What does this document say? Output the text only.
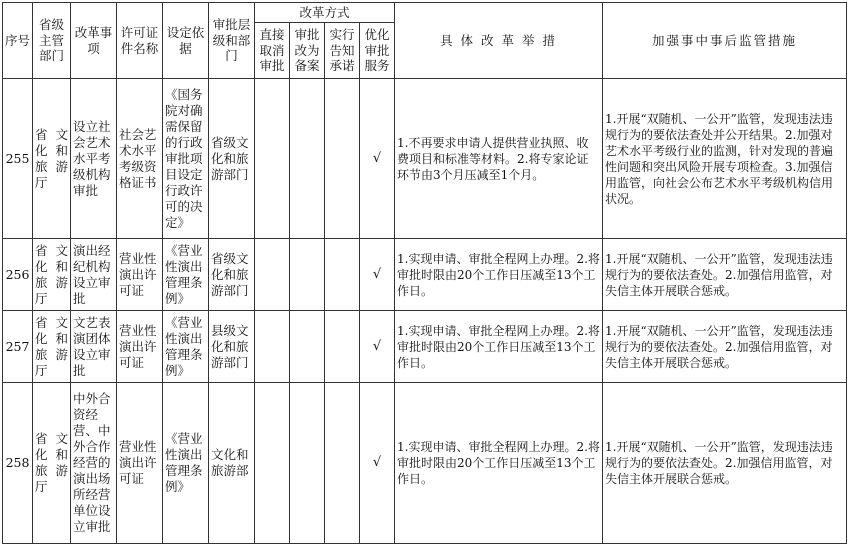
序号	省级主管部门	改革事项	许可证件名称	设定依据	审批层级和部门	改革方式				具 体 改 革 举 措	加强事中事后监管措施
						直接取消审批	审批改为备案	实行告知承诺	优化审批服务		
255	省文化和旅游厅	设立社会艺术水平考级机构审批	社会艺术水平考级资格证书	《国务院对确需保留的行政审批项目设定行政许可的决定》	省级文化和旅游部门				√	1.不再要求申请人提供营业执照、收费项目和标准等材料。2.将专家论证环节由3个月压减至1个月。	1.开展“双随机、一公开”监管，发现违法违规行为的要依法查处并公开结果。2.加强对艺术水平考级行业的监测，针对发现的普遍性问题和突出风险开展专项检查。3.加强信用监管，向社会公布艺术水平考级机构信用状况。
256	省文化和旅游厅	演出经纪机构设立审批	营业性演出许可证	《营业性演出管理条例》	省级文化和旅游部门				√	1.实现申请、审批全程网上办理。2.将审批时限由20个工作日压减至13个工作日。	1.开展“双随机、一公开”监管，发现违法违规行为的要依法查处。2.加强信用监管，对失信主体开展联合惩戒。
257	省文化和旅游厅	文艺表演团体设立审批	营业性演出许可证	《营业性演出管理条例》	县级文化和旅游部门				√	1.实现申请、审批全程网上办理。2.将审批时限由20个工作日压减至13个工作日。	1.开展“双随机、一公开”监管，发现违法违规行为的要依法查处。2.加强信用监管，对失信主体开展联合惩戒。
258	省文化和旅游厅	中外合资经营、中外合作经营的演出场所经营单位设立审批	营业性演出许可证	《营业性演出管理条例》	文化和旅游部				√	1.实现申请、审批全程网上办理。2.将审批时限由20个工作日压减至13个工作日。	1.开展“双随机、一公开”监管，发现违法违规行为的要依法查处。2.加强信用监管，对失信主体开展联合惩戒。
